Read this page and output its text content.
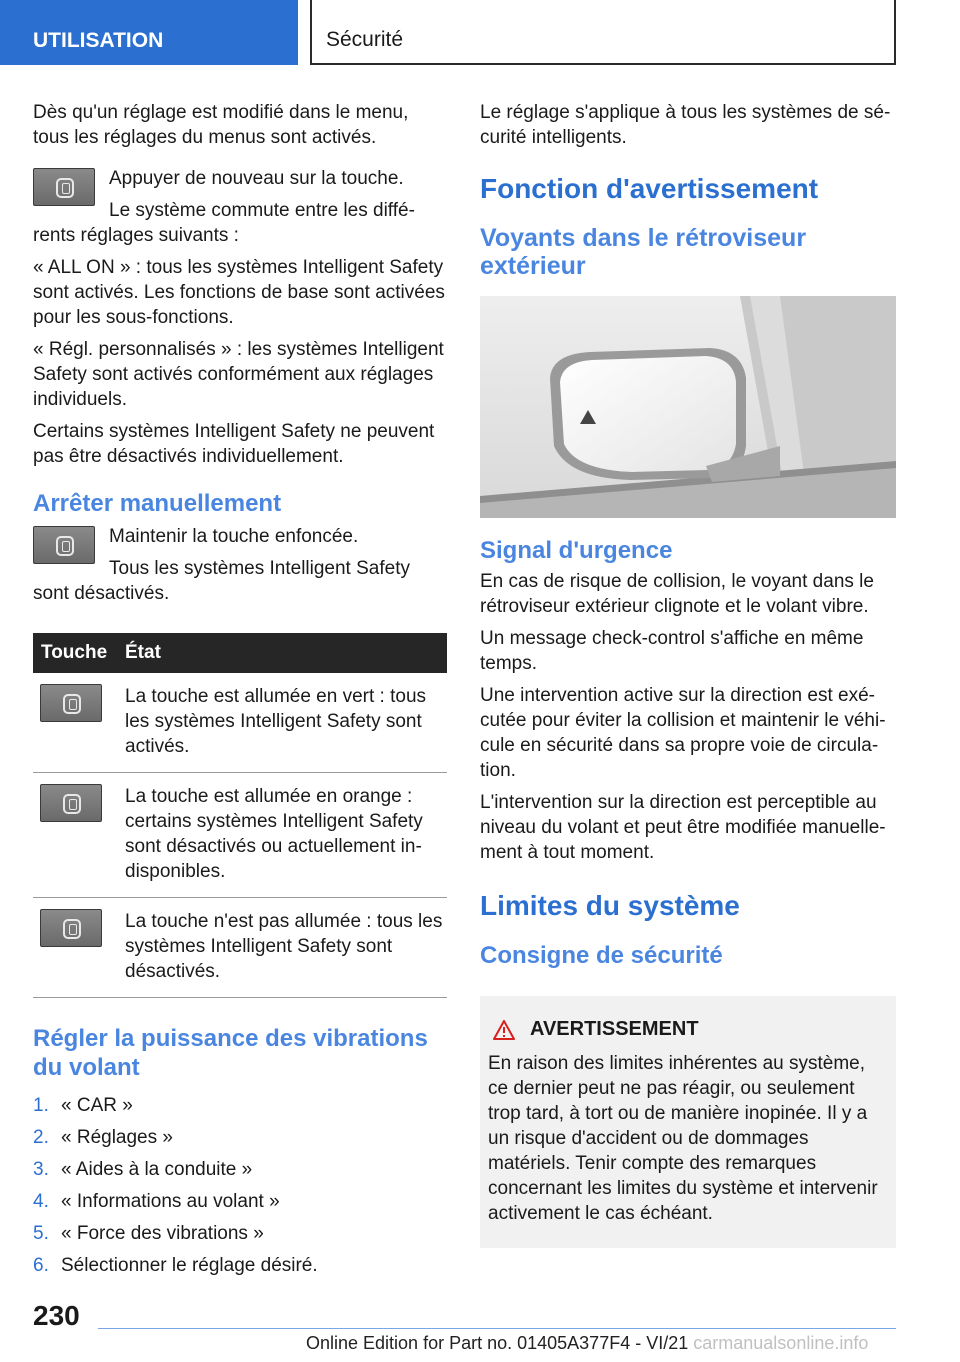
UTILISATION	Sécurité

Dès qu'un réglage est modifié dans le menu, tous les réglages du menus sont activés.

Appuyer de nouveau sur la touche.

Le système commute entre les différents réglages suivants :

« ALL ON » : tous les systèmes Intelligent Safety sont activés. Les fonctions de base sont activées pour les sous-fonctions.

« Régl. personnalisés » : les systèmes Intelligent Safety sont activés conformément aux réglages individuels.

Certains systèmes Intelligent Safety ne peuvent pas être désactivés individuellement.

Arrêter manuellement

Maintenir la touche enfoncée.

Tous les systèmes Intelligent Safety sont désactivés.

Touche	État

	La touche est allumée en vert : tous les systèmes Intelligent Safety sont activés.

	La touche est allumée en orange : certains systèmes Intelligent Safety sont désactivés ou actuellement indisponibles.

	La touche n'est pas allumée : tous les systèmes Intelligent Safety sont désactivés.
Régler la puissance des vibrations du volant
1. « CAR »
2. « Réglages »
3. « Aides à la conduite »
4. « Informations au volant »
5. « Force des vibrations »
6. Sélectionner le réglage désiré.

Le réglage s'applique à tous les systèmes de sécurité intelligents.

Fonction d'avertissement
Voyants dans le rétroviseur extérieur
Signal d'urgence

En cas de risque de collision, le voyant dans le rétroviseur extérieur clignote et le volant vibre.

Un message check-control s'affiche en même temps.

Une intervention active sur la direction est exécutée pour éviter la collision et maintenir le véhicule en sécurité dans sa propre voie de circulation.

L'intervention sur la direction est perceptible au niveau du volant et peut être modifiée manuellement à tout moment.

Limites du système
Consigne de sécurité
AVERTISSEMENT

En raison des limites inhérentes au système, ce dernier peut ne pas réagir, ou seulement trop tard, à tort ou de manière inopinée. Il y a un risque d'accident ou de dommages matériels. Tenir compte des remarques concernant les limites du système et intervenir activement le cas échéant.

230
Online Edition for Part no. 01405A377F4 - VI/21 carmanualsonline.info
